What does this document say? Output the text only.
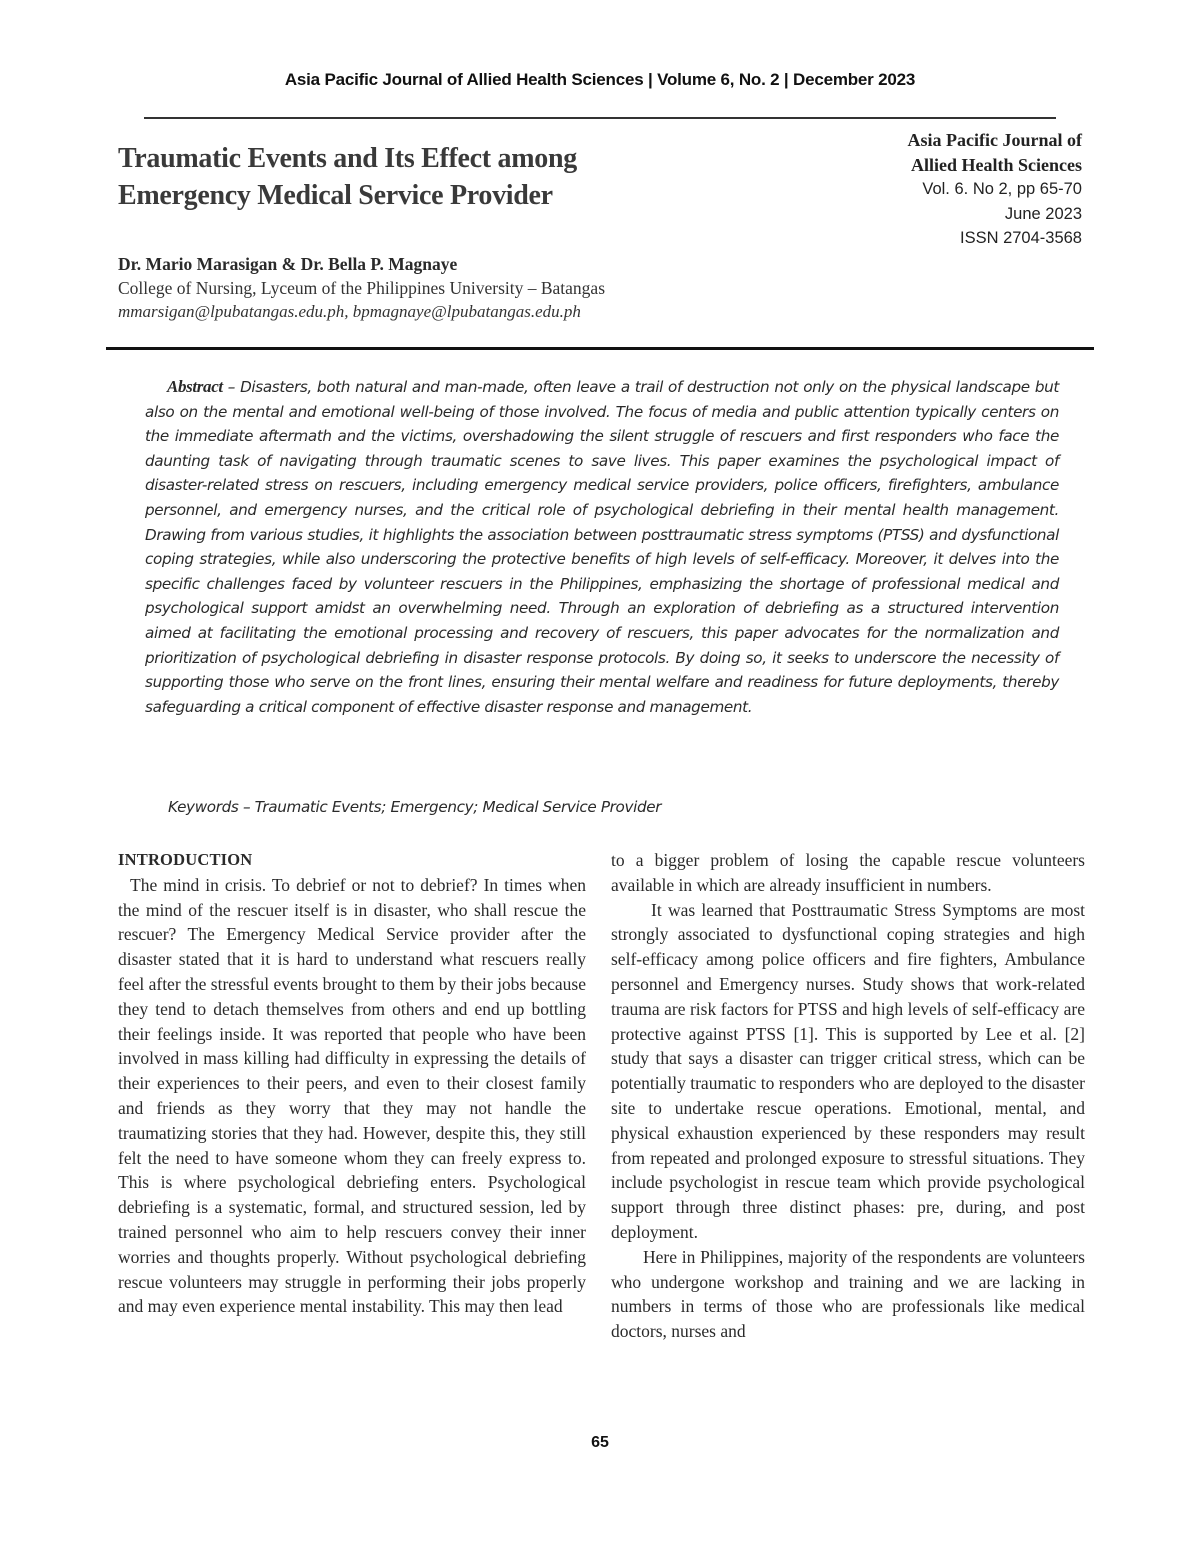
Asia Pacific Journal of Allied Health Sciences | Volume 6, No. 2 | December 2023
Traumatic Events and Its Effect among
Emergency Medical Service Provider
Asia Pacific Journal of
Allied Health Sciences
Vol. 6. No 2, pp 65-70
June 2023
ISSN 2704-3568
Dr. Mario Marasigan & Dr. Bella P. Magnaye
College of Nursing, Lyceum of the Philippines University – Batangas
mmarsigan@lpubatangas.edu.ph, bpmagnaye@lpubatangas.edu.ph
Abstract – Disasters, both natural and man-made, often leave a trail of destruction not only on the physical landscape but also on the mental and emotional well-being of those involved. The focus of media and public attention typically centers on the immediate aftermath and the victims, overshadowing the silent struggle of rescuers and first responders who face the daunting task of navigating through traumatic scenes to save lives. This paper examines the psychological impact of disaster-related stress on rescuers, including emergency medical service providers, police officers, firefighters, ambulance personnel, and emergency nurses, and the critical role of psychological debriefing in their mental health management. Drawing from various studies, it highlights the association between posttraumatic stress symptoms (PTSS) and dysfunctional coping strategies, while also underscoring the protective benefits of high levels of self-efficacy. Moreover, it delves into the specific challenges faced by volunteer rescuers in the Philippines, emphasizing the shortage of professional medical and psychological support amidst an overwhelming need. Through an exploration of debriefing as a structured intervention aimed at facilitating the emotional processing and recovery of rescuers, this paper advocates for the normalization and prioritization of psychological debriefing in disaster response protocols. By doing so, it seeks to underscore the necessity of supporting those who serve on the front lines, ensuring their mental welfare and readiness for future deployments, thereby safeguarding a critical component of effective disaster response and management.
Keywords – Traumatic Events; Emergency; Medical Service Provider
INTRODUCTION

The mind in crisis. To debrief or not to debrief? In times when the mind of the rescuer itself is in disaster, who shall rescue the rescuer? The Emergency Medical Service provider after the disaster stated that it is hard to understand what rescuers really feel after the stressful events brought to them by their jobs because they tend to detach themselves from others and end up bottling their feelings inside. It was reported that people who have been involved in mass killing had difficulty in expressing the details of their experiences to their peers, and even to their closest family and friends as they worry that they may not handle the traumatizing stories that they had. However, despite this, they still felt the need to have someone whom they can freely express to. This is where psychological debriefing enters. Psychological debriefing is a systematic, formal, and structured session, led by trained personnel who aim to help rescuers convey their inner worries and thoughts properly. Without psychological debriefing rescue volunteers may struggle in performing their jobs properly and may even experience mental instability. This may then lead

to a bigger problem of losing the capable rescue volunteers available in which are already insufficient in numbers.

It was learned that Posttraumatic Stress Symptoms are most strongly associated to dysfunctional coping strategies and high self-efficacy among police officers and fire fighters, Ambulance personnel and Emergency nurses. Study shows that work-related trauma are risk factors for PTSS and high levels of self-efficacy are protective against PTSS [1]. This is supported by Lee et al. [2] study that says a disaster can trigger critical stress, which can be potentially traumatic to responders who are deployed to the disaster site to undertake rescue operations. Emotional, mental, and physical exhaustion experienced by these responders may result from repeated and prolonged exposure to stressful situations. They include psychologist in rescue team which provide psychological support through three distinct phases: pre, during, and post deployment.

Here in Philippines, majority of the respondents are volunteers who undergone workshop and training and we are lacking in numbers in terms of those who are professionals like medical doctors, nurses and

65
